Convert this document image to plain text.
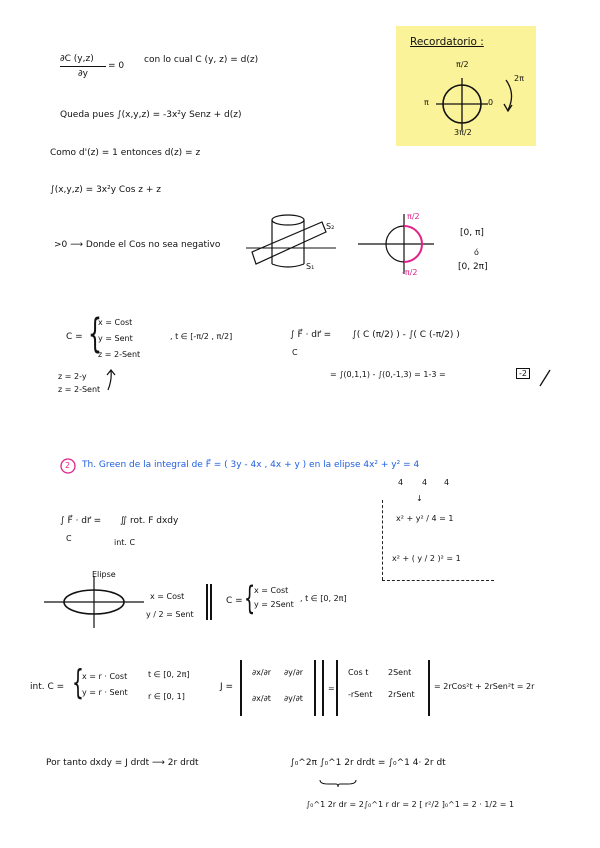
Recordatorio :
π/2
π	0
3π/2
2π
∂C (y,z)
∂y
= 0
con lo cual C (y, z) = d(z)
Queda pues ∫(x,y,z) = -3x²y Senz + d(z)
Como d'(z) = 1 entonces d(z) = z
∫(x,y,z) = 3x²y Cos z + z
>0 ⟶ Donde el Cos no sea negativo
S₂
S₁
π/2
-π/2
[0, π]
ó
[0, 2π]
C = {
x = Cost
y = Sent
z = 2-Sent
, t ∈ [-π/2 , π/2]
z = 2-y
z = 2-Sent
∫ F⃗ · dr⃗ =
C
∫( C (π/2) ) - ∫( C (-π/2) )
= ∫(0,1,1) - ∫(0,-1,3) = 1-3 =	-2
2 Th. Green de la integral de F⃗ = ( 3y - 4x , 4x + y ) en la elipse 4x² + y² = 4
4 4 4
↓
x² + y² / 4 = 1
x² + ( y / 2 )² = 1
∫ F⃗ · dr⃗ =
C
∬ rot. F dxdy
int. C
Elipse
x = Cost
y / 2 = Sent
C = {
x = Cost
y = 2Sent
, t ∈ [0, 2π]
int. C = {
x = r · Cost
y = r · Sent
t ∈ [0, 2π]
r ∈ [0, 1]
J =
∂x/∂r ∂y/∂r
∂x/∂t ∂y/∂t
=
Cos t 2Sent
-rSent 2rSent
= 2rCos²t + 2rSen²t = 2r
Por tanto dxdy = J drdt ⟶ 2r drdt	∫₀^2π ∫₀^1 2r drdt = ∫₀^1 4· 2r dt
∫₀^1 2r dr = 2∫₀^1 r dr = 2 [ r²/2 ]₀^1 = 2 · 1/2 = 1
